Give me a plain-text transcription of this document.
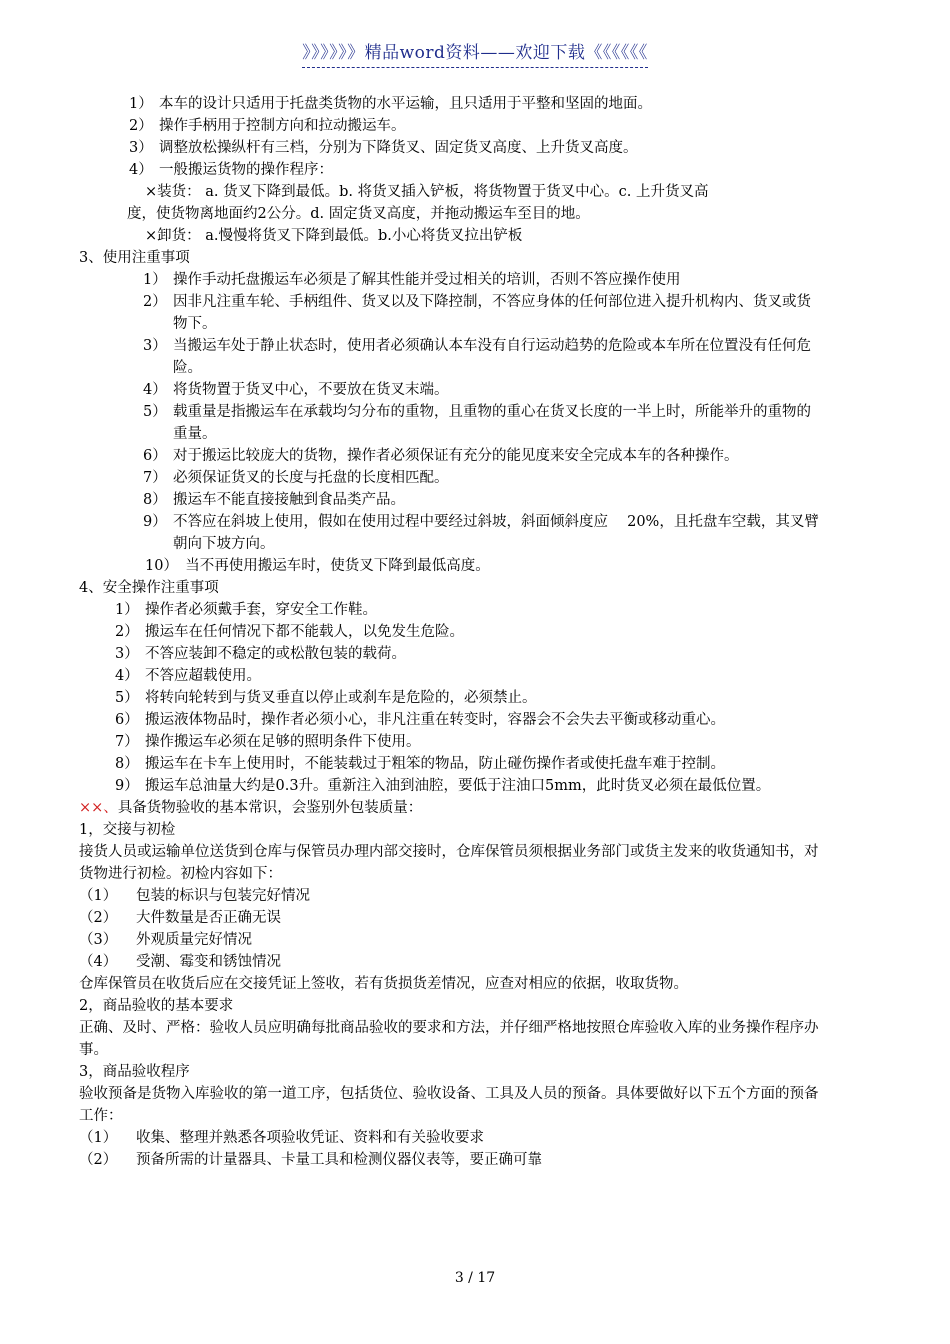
》》》》》》精品word资料——欢迎下载《《《《《《
1） 本车的设计只适用于托盘类货物的水平运输，且只适用于平整和坚固的地面。
2） 操作手柄用于控制方向和拉动搬运车。
3） 调整放松操纵杆有三档，分别为下降货叉、固定货叉高度、上升货叉高度。
4） 一般搬运货物的操作程序：
×装货： a. 货叉下降到最低。b. 将货叉插入铲板，将货物置于货叉中心。c. 上升货叉高
度，使货物离地面约2公分。d. 固定货叉高度，并拖动搬运车至目的地。
×卸货： a.慢慢将货叉下降到最低。b.小心将货叉拉出铲板
3、使用注重事项
1） 操作手动托盘搬运车必须是了解其性能并受过相关的培训，否则不答应操作使用
2） 因非凡注重车轮、手柄组件、货叉以及下降控制，不答应身体的任何部位进入提升机构内、货叉或货物下。
3） 当搬运车处于静止状态时，使用者必须确认本车没有自行运动趋势的危险或本车所在位置没有任何危险。
4） 将货物置于货叉中心，不要放在货叉末端。
5） 载重量是指搬运车在承载均匀分布的重物，且重物的重心在货叉长度的一半上时，所能举升的重物的重量。
6） 对于搬运比较庞大的货物，操作者必须保证有充分的能见度来安全完成本车的各种操作。
7） 必须保证货叉的长度与托盘的长度相匹配。
8） 搬运车不能直接接触到食品类产品。
9） 不答应在斜坡上使用，假如在使用过程中要经过斜坡，斜面倾斜度应　 20%，且托盘车空载，其叉臂朝向下坡方向。
10）　当不再使用搬运车时，使货叉下降到最低高度。
4、安全操作注重事项
1） 操作者必须戴手套，穿安全工作鞋。
2） 搬运车在任何情况下都不能载人，以免发生危险。
3） 不答应装卸不稳定的或松散包装的载荷。
4） 不答应超载使用。
5） 将转向轮转到与货叉垂直以停止或刹车是危险的，必须禁止。
6） 搬运液体物品时，操作者必须小心，非凡注重在转变时，容器会不会失去平衡或移动重心。
7） 操作搬运车必须在足够的照明条件下使用。
8） 搬运车在卡车上使用时，不能装载过于粗笨的物品，防止碰伤操作者或使托盘车难于控制。
9） 搬运车总油量大约是0.3升。重新注入油到油腔，要低于注油口5mm，此时货叉必须在最低位置。
××、具备货物验收的基本常识，会鉴别外包装质量：
1，交接与初检
接货人员或运输单位送货到仓库与保管员办理内部交接时，仓库保管员须根据业务部门或货主发来的收货通知书，对货物进行初检。初检内容如下：
（1）	包装的标识与包装完好情况
（2）	大件数量是否正确无误
（3）	外观质量完好情况
（4）	受潮、霉变和锈蚀情况
仓库保管员在收货后应在交接凭证上签收，若有货损货差情况，应查对相应的依据，收取货物。
2，商品验收的基本要求
正确、及时、严格：验收人员应明确每批商品验收的要求和方法，并仔细严格地按照仓库验收入库的业务操作程序办事。
3，商品验收程序
验收预备是货物入库验收的第一道工序，包括货位、验收设备、工具及人员的预备。具体要做好以下五个方面的预备工作：
（1）	收集、整理并熟悉各项验收凭证、资料和有关验收要求
（2）	预备所需的计量器具、卡量工具和检测仪器仪表等，要正确可靠
3 / 17
